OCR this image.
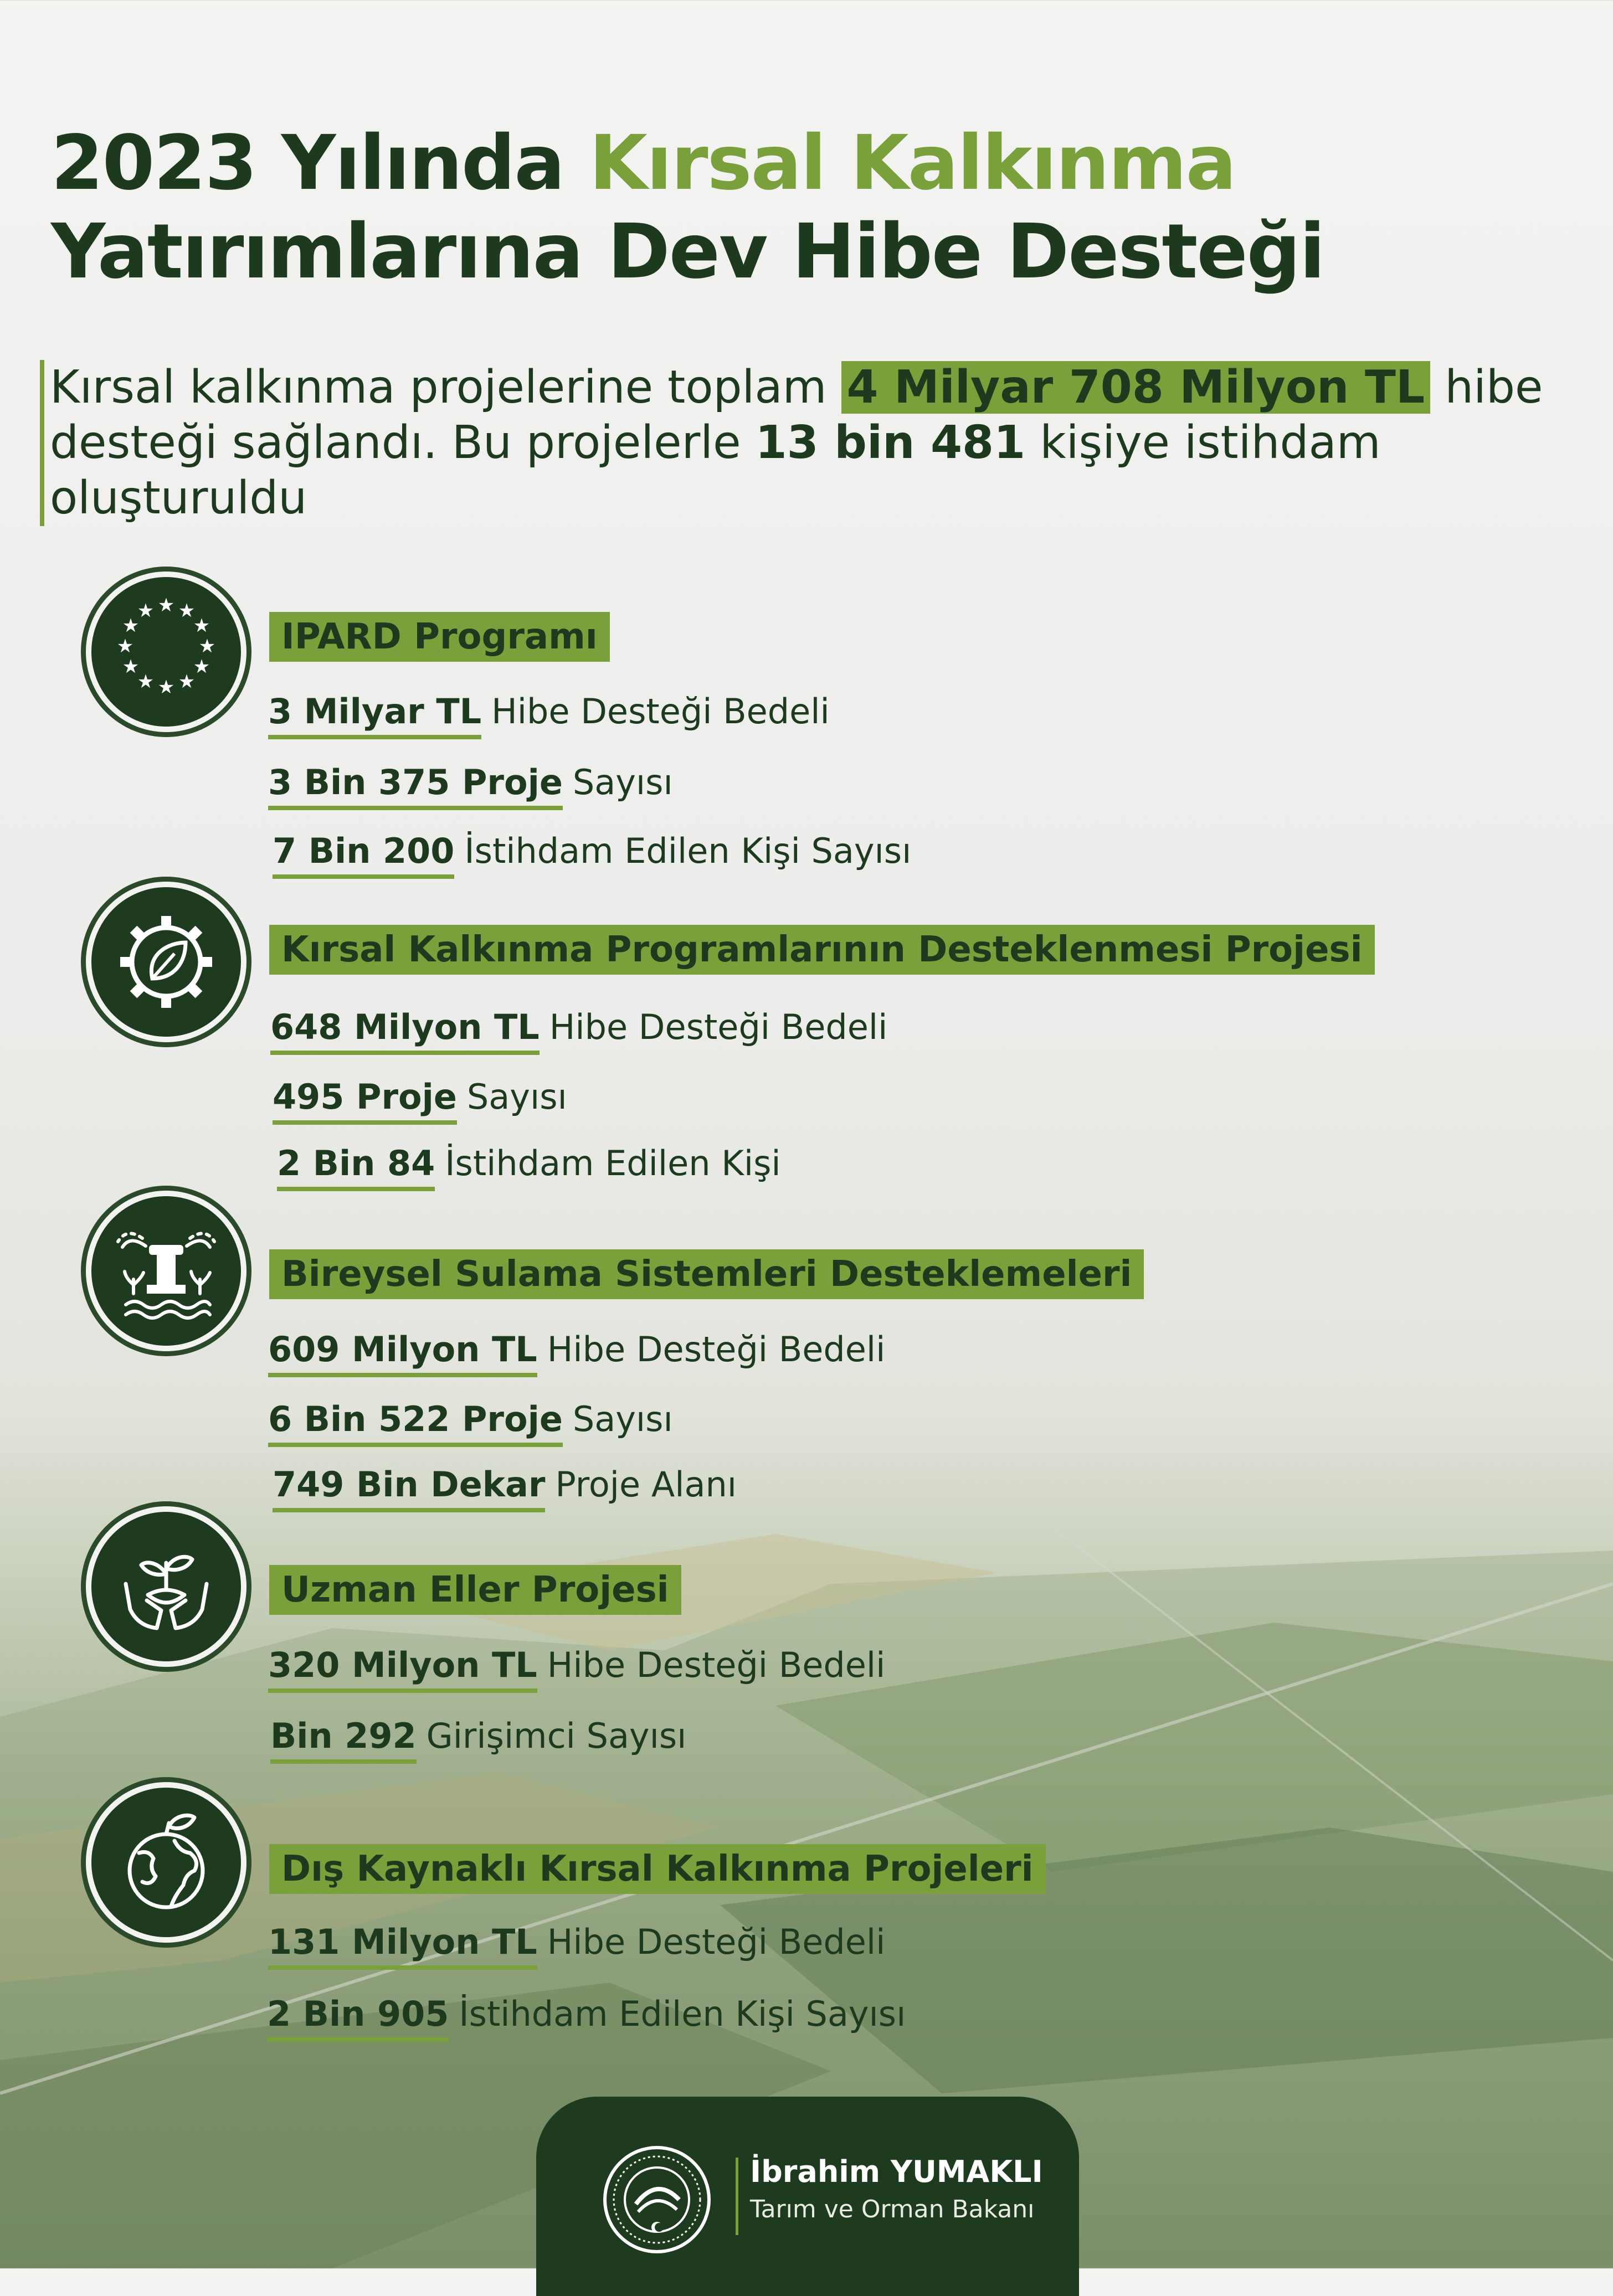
2023 Yılında Kırsal Kalkınma
Yatırımlarına Dev Hibe Desteği
Kırsal kalkınma projelerine toplam 4 Milyar 708 Milyon TL hibe desteği sağlandı. Bu projelerle 13 bin 481 kişiye istihdam oluşturuldu
★ ★
★
★
★
★
★
★
★
★
★
★
IPARD Programı
3 Milyar TL Hibe Desteği Bedeli
3 Bin 375 Proje Sayısı
7 Bin 200 İstihdam Edilen Kişi Sayısı
Kırsal Kalkınma Programlarının Desteklenmesi Projesi
648 Milyon TL Hibe Desteği Bedeli
495 Proje Sayısı
2 Bin 84 İstihdam Edilen Kişi
Bireysel Sulama Sistemleri Desteklemeleri
609 Milyon TL Hibe Desteği Bedeli
6 Bin 522 Proje Sayısı
749 Bin Dekar Proje Alanı
Uzman Eller Projesi
320 Milyon TL Hibe Desteği Bedeli
Bin 292 Girişimci Sayısı
Dış Kaynaklı Kırsal Kalkınma Projeleri
131 Milyon TL Hibe Desteği Bedeli
2 Bin 905 İstihdam Edilen Kişi Sayısı
İbrahim YUMAKLI
Tarım ve Orman Bakanı
